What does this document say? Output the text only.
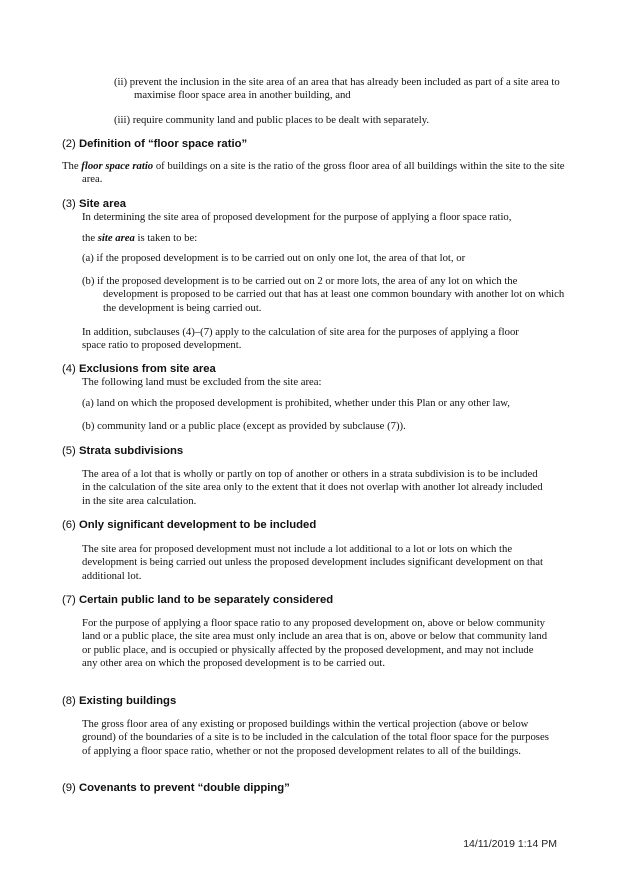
(ii) prevent the inclusion in the site area of an area that has already been included as part of a site area to maximise floor space area in another building, and
(iii) require community land and public places to be dealt with separately.
(2) Definition of “floor space ratio”
The floor space ratio of buildings on a site is the ratio of the gross floor area of all buildings within the site to the site area.
(3) Site area
In determining the site area of proposed development for the purpose of applying a floor space ratio,
the site area is taken to be:
(a) if the proposed development is to be carried out on only one lot, the area of that lot, or
(b) if the proposed development is to be carried out on 2 or more lots, the area of any lot on which the development is proposed to be carried out that has at least one common boundary with another lot on which the development is being carried out.
In addition, subclauses (4)–(7) apply to the calculation of site area for the purposes of applying a floor space ratio to proposed development.
(4) Exclusions from site area
The following land must be excluded from the site area:
(a) land on which the proposed development is prohibited, whether under this Plan or any other law,
(b) community land or a public place (except as provided by subclause (7)).
(5) Strata subdivisions
The area of a lot that is wholly or partly on top of another or others in a strata subdivision is to be included in the calculation of the site area only to the extent that it does not overlap with another lot already included in the site area calculation.
(6) Only significant development to be included
The site area for proposed development must not include a lot additional to a lot or lots on which the development is being carried out unless the proposed development includes significant development on that additional lot.
(7) Certain public land to be separately considered
For the purpose of applying a floor space ratio to any proposed development on, above or below community land or a public place, the site area must only include an area that is on, above or below that community land or public place, and is occupied or physically affected by the proposed development, and may not include any other area on which the proposed development is to be carried out.
(8) Existing buildings
The gross floor area of any existing or proposed buildings within the vertical projection (above or below ground) of the boundaries of a site is to be included in the calculation of the total floor space for the purposes of applying a floor space ratio, whether or not the proposed development relates to all of the buildings.
(9) Covenants to prevent “double dipping”
14/11/2019 1:14 PM
